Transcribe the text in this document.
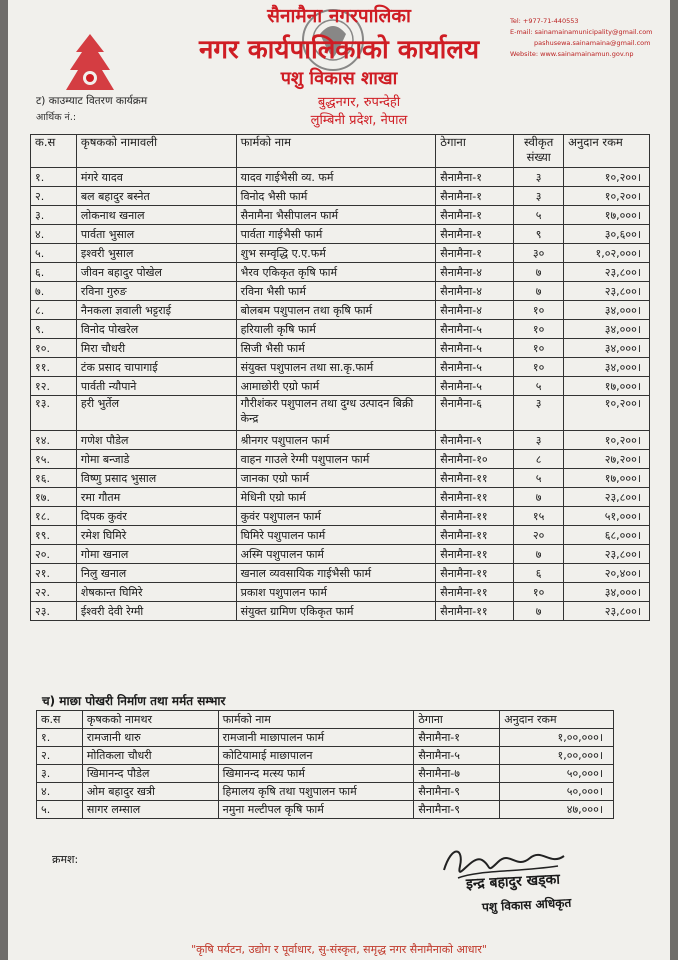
सैनामैना नगरपालिका
नगर कार्यपालिकाको कार्यालय
पशु विकास शाखा
बुद्धनगर, रुपन्देही
लुम्बिनी प्रदेश, नेपाल
Tel: +977-71-440553
E-mail: sainamainamunicipality@gmail.com
pashusewa.sainamaina@gmail.com
Website: www.sainamainamun.gov.np
ट) काउम्याट वितरण कार्यक्रम
आर्थिक नं.:
क.स	कृषकको नामावली	फार्मको नाम	ठेगाना	स्वीकृत संख्या	अनुदान रकम
१.	मंगरे यादव	यादव गाईभैसी व्य. फर्म	सैनामैना-१	३	१०,२००।
२.	बल बहादुर बस्नेत	विनोद भैसी फार्म	सैनामैना-१	३	१०,२००।
३.	लोकनाथ खनाल	सैनामैना भैसीपालन फार्म	सैनामैना-१	५	१७,०००।
४.	पार्वता भुसाल	पार्वता गाईभैसी फार्म	सैनामैना-१	९	३०,६००।
५.	इश्वरी भुसाल	शुभ सम्वृद्धि ए.ए.फर्म	सैनामैना-१	३०	१,०२,०००।
६.	जीवन बहादुर पोखेल	भैरव एकिकृत कृषि फार्म	सैनामैना-४	७	२३,८००।
७.	रविना गुरुङ	रविना भैसी फार्म	सैनामैना-४	७	२३,८००।
८.	नैनकला ज्ञवाली भट्टराई	बोलबम पशुपालन तथा कृषि फार्म	सैनामैना-४	१०	३४,०००।
९.	विनोद पोखरेल	हरियाली कृषि फार्म	सैनामैना-५	१०	३४,०००।
१०.	मिरा चौधरी	सिजी भैसी फार्म	सैनामैना-५	१०	३४,०००।
११.	टंक प्रसाद चापागाई	संयुक्त पशुपालन तथा सा.कृ.फार्म	सैनामैना-५	१०	३४,०००।
१२.	पार्वती न्यौपाने	आमाछोरी एग्रो फार्म	सैनामैना-५	५	१७,०००।
१३.	हरी भुर्तेल	गौरीशंकर पशुपालन तथा दुग्ध उत्पादन बिक्री केन्द्र	सैनामैना-६	३	१०,२००।
१४.	गणेश पौडेल	श्रीनगर पशुपालन फार्म	सैनामैना-९	३	१०,२००।
१५.	गोमा बन्जाडे	वाहन गाउले रेग्मी पशुपालन फार्म	सैनामैना-१०	८	२७,२००।
१६.	विष्णु प्रसाद भुसाल	जानका एग्रो फार्म	सैनामैना-११	५	१७,०००।
१७.	रमा गौतम	मेधिनी एग्रो फार्म	सैनामैना-११	७	२३,८००।
१८.	दिपक कुवंर	कुवंर पशुपालन फार्म	सैनामैना-११	१५	५१,०००।
१९.	रमेश घिमिरे	घिमिरे पशुपालन फार्म	सैनामैना-११	२०	६८,०००।
२०.	गोमा खनाल	अस्मि पशुपालन फार्म	सैनामैना-११	७	२३,८००।
२१.	निलु खनाल	खनाल व्यवसायिक गाईभैसी फार्म	सैनामैना-११	६	२०,४००।
२२.	शेषकान्त घिमिरे	प्रकाश पशुपालन फार्म	सैनामैना-११	१०	३४,०००।
२३.	ईश्वरी देवी रेग्मी	संयुक्त ग्रामिण एकिकृत फार्म	सैनामैना-११	७	२३,८००।
च) माछा पोखरी निर्माण तथा मर्मत सम्भार
क.स	कृषकको नामथर	फार्मको नाम	ठेगाना	अनुदान रकम
१.	रामजानी थारु	रामजानी माछापालन फार्म	सैनामैना-१	१,००,०००।
२.	मोतिकला चौधरी	कोटियामाई माछापालन	सैनामैना-५	१,००,०००।
३.	खिमानन्द पौडेल	खिमानन्द मत्स्य फार्म	सैनामैना-७	५०,०००।
४.	ओम बहादुर खत्री	हिमालय कृषि तथा पशुपालन फार्म	सैनामैना-९	५०,०००।
५.	सागर लम्साल	नमुना मल्टीपल कृषि फार्म	सैनामैना-९	४७,०००।
क्रमश:
इन्द्र बहादुर खड्का
पशु विकास अधिकृत
"कृषि पर्यटन, उद्योग र पूर्वाधार, सु-संस्कृत, समृद्ध नगर सैनामैनाको आधार"
